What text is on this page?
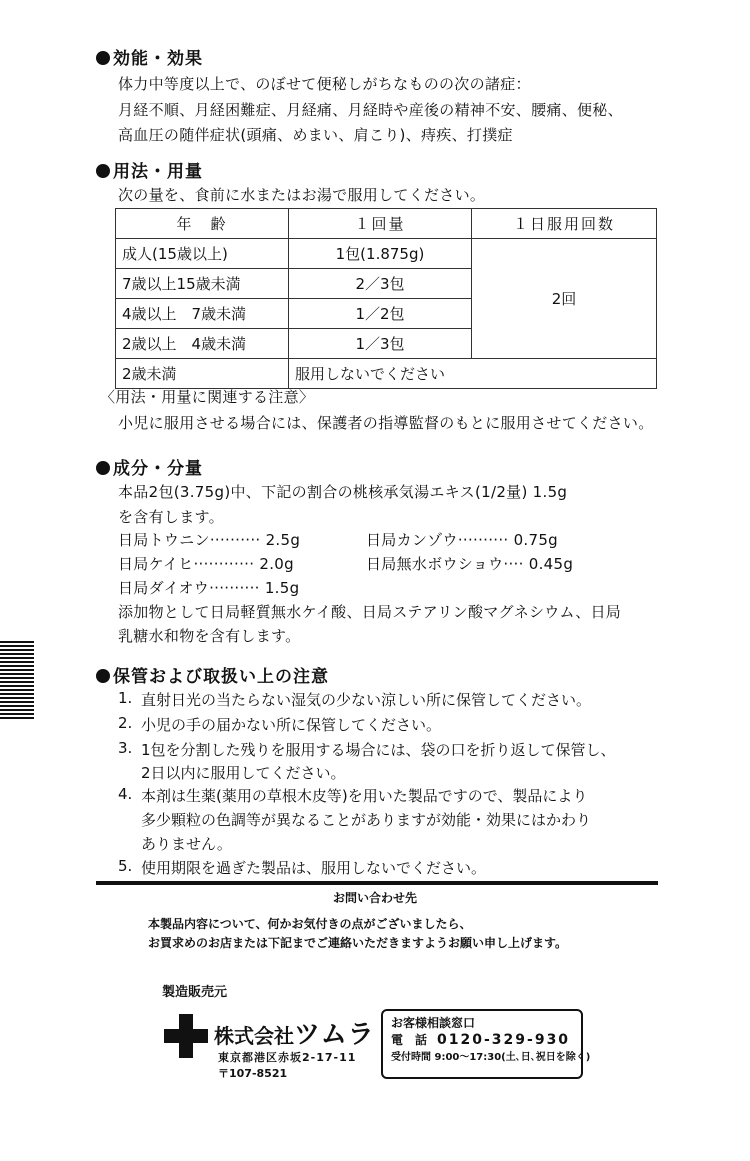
効能・効果
体力中等度以上で、のぼせて便秘しがちなものの次の諸症：
月経不順、月経困難症、月経痛、月経時や産後の精神不安、腰痛、便秘、
高血圧の随伴症状(頭痛、めまい、肩こり)、痔疾、打撲症
用法・用量
次の量を、食前に水またはお湯で服用してください。
年　齢	１回量	１日服用回数
成人(15歳以上)	1包(1.875g)	2回
7歳以上15歳未満	2／3包	
4歳以上　7歳未満	1／2包	
2歳以上　4歳未満	1／3包	
2歳未満	服用しないでください	
〈用法・用量に関連する注意〉
小児に服用させる場合には、保護者の指導監督のもとに服用させてください。
成分・分量
本品2包(3.75g)中、下記の割合の桃核承気湯エキス(1/2量) 1.5g
を含有します。
日局トウニン·········· 2.5g	日局カンゾウ·········· 0.75g
日局ケイヒ············ 2.0g	日局無水ボウショウ···· 0.45g
日局ダイオウ·········· 1.5g
添加物として日局軽質無水ケイ酸、日局ステアリン酸マグネシウム、日局
乳糖水和物を含有します。
保管および取扱い上の注意
1. 直射日光の当たらない湿気の少ない涼しい所に保管してください。
2. 小児の手の届かない所に保管してください。
3. 1包を分割した残りを服用する場合には、袋の口を折り返して保管し、
2日以内に服用してください。
4. 本剤は生薬(薬用の草根木皮等)を用いた製品ですので、製品により
多少顆粒の色調等が異なることがありますが効能・効果にはかわり
ありません。
5. 使用期限を過ぎた製品は、服用しないでください。
お問い合わせ先
本製品内容について、何かお気付きの点がございましたら、
お買求めのお店または下記までご連絡いただきますようお願い申し上げます。
製造販売元
株式会社ツムラ
東京都港区赤坂2-17-11
〒107-8521
お客様相談窓口
電　話 0120-329-930
受付時間 9:00〜17:30(土､日､祝日を除く)
